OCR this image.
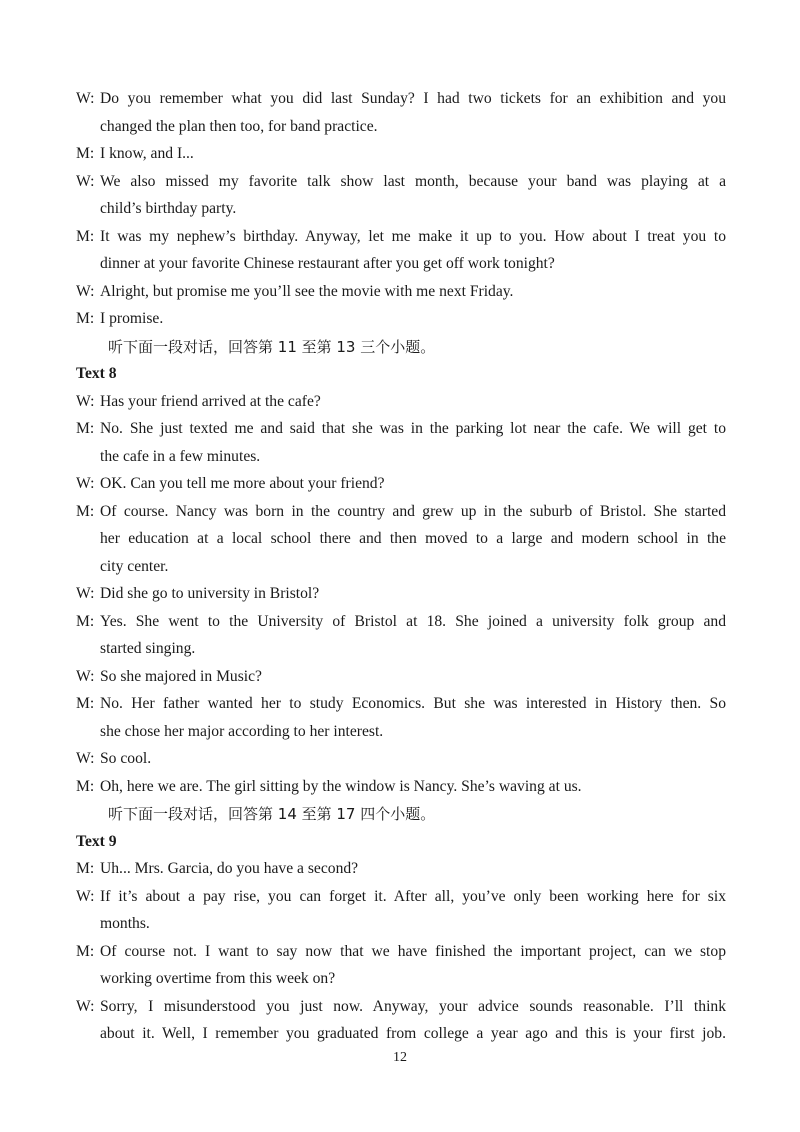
W: Do you remember what you did last Sunday? I had two tickets for an exhibition and you
changed the plan then too, for band practice.
M: I know, and I...
W: We also missed my favorite talk show last month, because your band was playing at a
child’s birthday party.
M: It was my nephew’s birthday. Anyway, let me make it up to you. How about I treat you to
dinner at your favorite Chinese restaurant after you get off work tonight?
W: Alright, but promise me you’ll see the movie with me next Friday.
M: I promise.
听下面一段对话，回答第 11 至第 13 三个小题。
Text 8
W: Has your friend arrived at the cafe?
M: No. She just texted me and said that she was in the parking lot near the cafe. We will get to
the cafe in a few minutes.
W: OK. Can you tell me more about your friend?
M: Of course. Nancy was born in the country and grew up in the suburb of Bristol. She started
her education at a local school there and then moved to a large and modern school in the
city center.
W: Did she go to university in Bristol?
M: Yes. She went to the University of Bristol at 18. She joined a university folk group and
started singing.
W: So she majored in Music?
M: No. Her father wanted her to study Economics. But she was interested in History then. So
she chose her major according to her interest.
W: So cool.
M: Oh, here we are. The girl sitting by the window is Nancy. She’s waving at us.
听下面一段对话，回答第 14 至第 17 四个小题。
Text 9
M: Uh... Mrs. Garcia, do you have a second?
W: If it’s about a pay rise, you can forget it. After all, you’ve only been working here for six
months.
M: Of course not. I want to say now that we have finished the important project, can we stop
working overtime from this week on?
W: Sorry, I misunderstood you just now. Anyway, your advice sounds reasonable. I’ll think
about it. Well, I remember you graduated from college a year ago and this is your first job.
12
